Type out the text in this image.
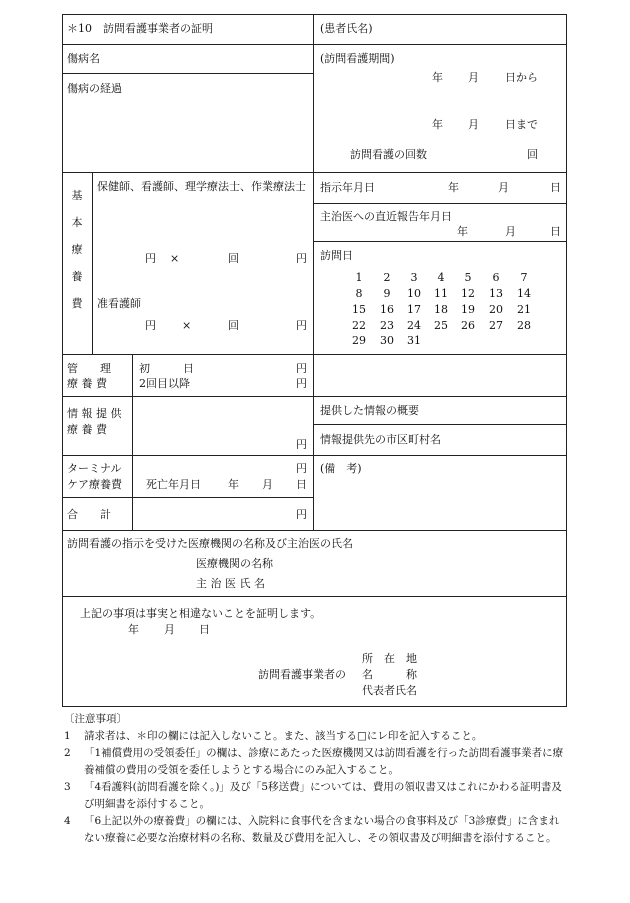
＊10　訪問看護事業者の証明	(患者氏名)
傷病名
傷病の経過
(訪問看護期間)
年 月 日から
年 月 日まで
訪問看護の回数	回
基
本
療
養
費
保健師、看護師、理学療法士、作業療法士
円 ×	回	円
准看護師
円 ×	回	円
指示年月日	年	月	日
主治医への直近報告年月日
年	月	日
訪問日
1	2	3	4	5	6	7
8	9	10 11 12 13 14
15 16 17 18 19 20 21
22 23 24 25 26 27 28
29 30 31
管　　理
療 養 費
初　　　日	円
2回目以降	円
情 報 提 供
療 養 費
円
提供した情報の概要
情報提供先の市区町村名
ターミナル
ケア療養費
円
死亡年月日 年 月 日
(備　考)
合　　計	円
訪問看護の指示を受けた医療機関の名称及び主治医の氏名
医療機関の名称
主 治 医 氏 名
上記の事項は事実と相違ないことを証明します。
年 月 日
所　在　地
訪問看護事業者の 名　　　称
代表者氏名
〔注意事項〕
1 請求者は、＊印の欄には記入しないこと。また、該当する□にレ印を記入すること。
2 「1補償費用の受領委任」の欄は、診療にあたった医療機関又は訪問看護を行った訪問看護事業者に療養補償の費用の受領を委任しようとする場合にのみ記入すること。
3 「4看護料(訪問看護を除く。)」及び「5移送費」については、費用の領収書又はこれにかわる証明書及び明細書を添付すること。
4 「6上記以外の療養費」の欄には、入院料に食事代を含まない場合の食事料及び「3診療費」に含まれない療養に必要な治療材料の名称、数量及び費用を記入し、その領収書及び明細書を添付すること。
